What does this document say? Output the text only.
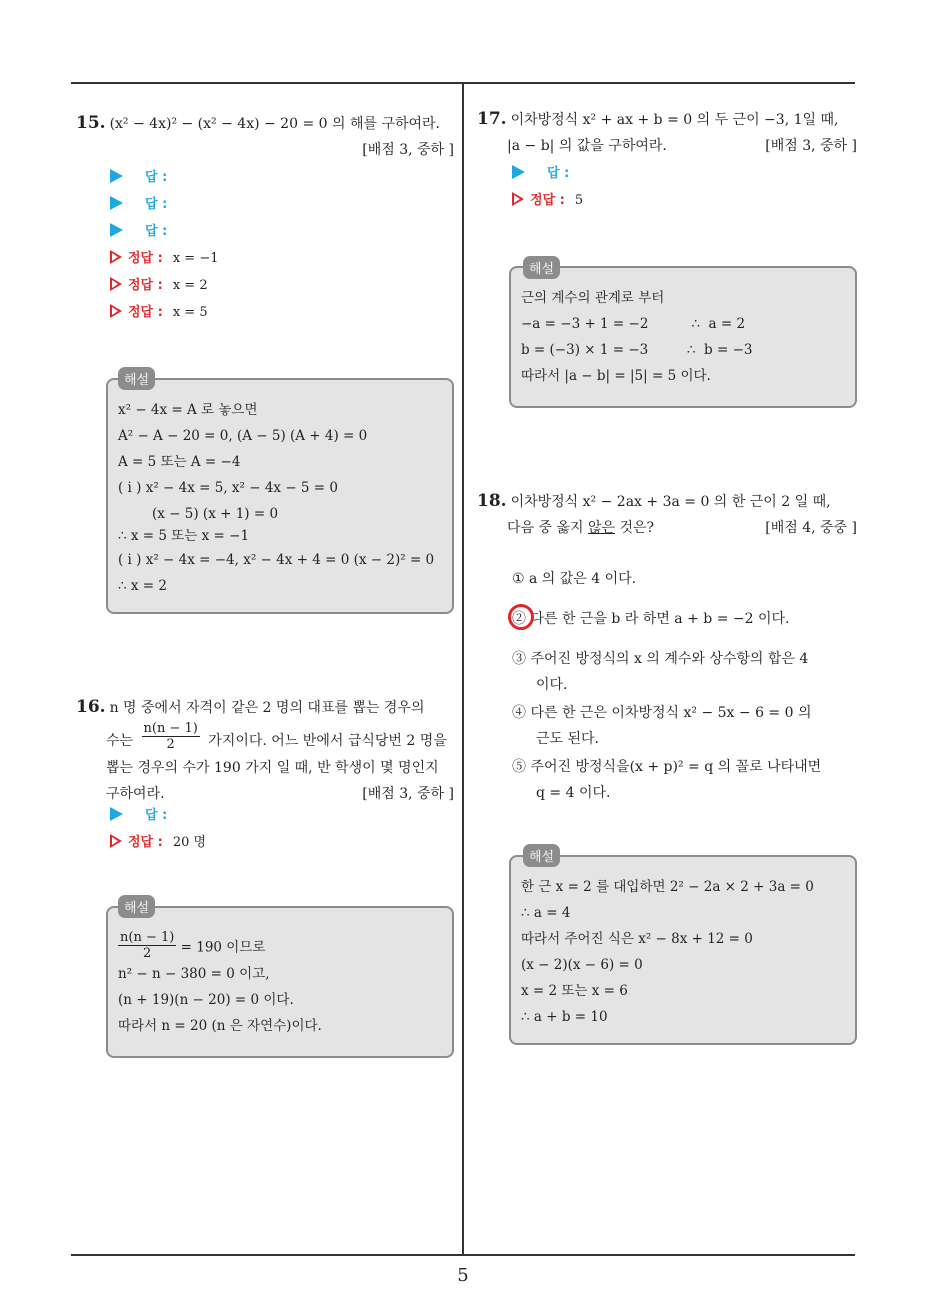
15. (x² − 4x)² − (x² − 4x) − 20 = 0 의 해를 구하여라.
[배점 3, 중하 ]
답 :
답 :
답 :
정답 : x = −1
정답 : x = 2
정답 : x = 5
x² − 4x = A 로 놓으면
A² − A − 20 = 0, (A − 5) (A + 4) = 0
A = 5 또는 A = −4
( i ) x² − 4x = 5, x² − 4x − 5 = 0
(x − 5) (x + 1) = 0
∴ x = 5 또는 x = −1
( i ) x² − 4x = −4, x² − 4x + 4 = 0 (x − 2)² = 0
∴ x = 2
해설
16. n 명 중에서 자격이 같은 2 명의 대표를 뽑는 경우의
수는 $\frac{n(n - 1)}{2}$ 가지이다. 어느 반에서 급식당번 2 명을
뽑는 경우의 수가 190 가지 일 때, 반 학생이 몇 명인지
구하여라.	[배점 3, 중하 ]
답 :
정답 : 20 명
$\frac{n(n - 1)}{2} = 190$ 이므로
n² − n − 380 = 0 이고,
(n + 19)(n − 20) = 0 이다.
따라서 n = 20 (n 은 자연수)이다.
해설
17. 이차방정식 x² + ax + b = 0 의 두 근이 −3, 1일 때,
|a − b| 의 값을 구하여라.	[배점 3, 중하 ]
답 :
정답 : 5
근의 계수의 관계로 부터
−a = −3 + 1 = −2          ∴  a = 2
b = (−3) × 1 = −3         ∴  b = −3
따라서 |a − b| = |5| = 5 이다.
해설
18. 이차방정식 x² − 2ax + 3a = 0 의 한 근이 2 일 때,
다음 중 옳지 않은 것은?	[배점 4, 중중 ]
① a 의 값은 4 이다.
② 다른 한 근을 b 라 하면 a + b = −2 이다.
③ 주어진 방정식의 x 의 계수와 상수항의 합은 4
이다.
④ 다른 한 근은 이차방정식 x² − 5x − 6 = 0 의
근도 된다.
⑤ 주어진 방정식을(x + p)² = q 의 꼴로 나타내면
q = 4 이다.
한 근 x = 2 를 대입하면 2² − 2a × 2 + 3a = 0
∴ a = 4
따라서 주어진 식은 x² − 8x + 12 = 0
(x − 2)(x − 6) = 0
x = 2 또는 x = 6
∴ a + b = 10
해설
5
